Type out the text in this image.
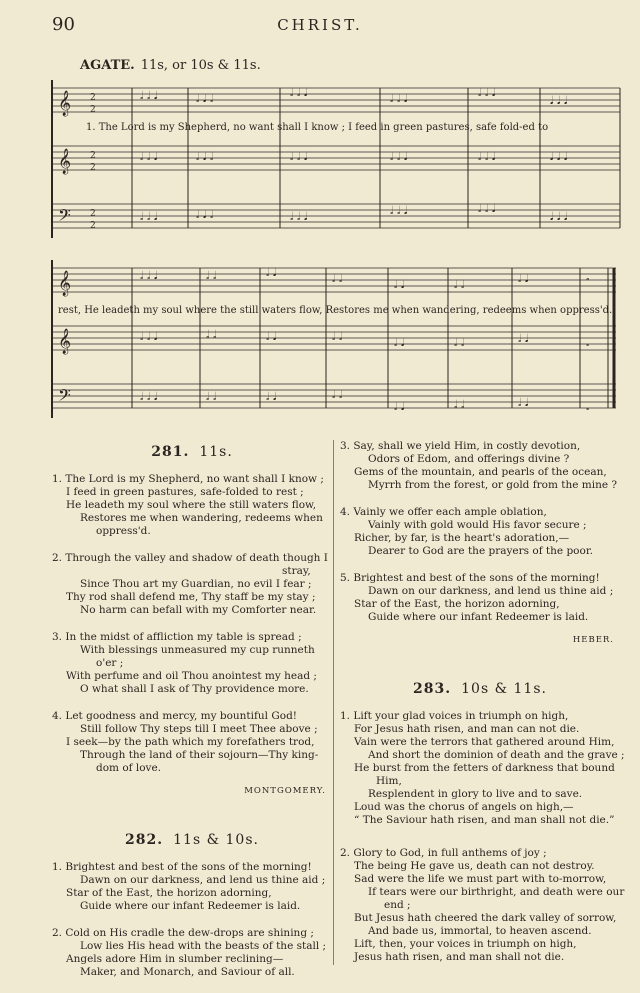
90	CHRIST.
AGATE. 11s, or 10s & 11s.
𝄞
𝄞
𝄢
2
2
2
2
2
2
𝅗𝅥 𝅗𝅥 𝅘𝅥	𝅗𝅥 𝅘𝅥 𝅗𝅥	𝅗𝅥 𝅗𝅥 𝅘𝅥	𝅗𝅥 𝅗𝅥 𝅘𝅥	𝅗𝅥 𝅗𝅥 𝅘𝅥
𝅘𝅥 𝅘𝅥 𝅘𝅥
𝅗𝅥 𝅗𝅥 𝅘𝅥	𝅗𝅥 𝅘𝅥 𝅗𝅥	𝅗𝅥 𝅗𝅥 𝅘𝅥	𝅗𝅥 𝅗𝅥 𝅘𝅥	𝅗𝅥 𝅗𝅥 𝅘𝅥	𝅘𝅥 𝅘𝅥 𝅘𝅥
𝅗𝅥 𝅗𝅥 𝅘𝅥	𝅗𝅥 𝅘𝅥 𝅗𝅥	𝅗𝅥 𝅗𝅥 𝅘𝅥	𝅗𝅥 𝅗𝅥 𝅘𝅥	𝅗𝅥 𝅗𝅥 𝅘𝅥
𝅘𝅥 𝅘𝅥 𝅘𝅥
1. The Lord is my Shepherd, no want shall I know ; I feed in green pastures, safe fold-ed to
𝄞
𝄞
𝄢
𝅗𝅥 𝅗𝅥 𝅘𝅥	𝅗𝅥 𝅗𝅥	𝅗𝅥 𝅘𝅥	𝅗𝅥 𝅗𝅥	𝅗𝅥 𝅘𝅥	𝅗𝅥 𝅗𝅥	𝅗𝅥 𝅘𝅥	𝅗
𝅗𝅥 𝅗𝅥 𝅘𝅥	𝅗𝅥 𝅗𝅥	𝅗𝅥 𝅘𝅥	𝅗𝅥 𝅗𝅥	𝅗𝅥 𝅘𝅥	𝅗𝅥 𝅗𝅥	𝅗𝅥 𝅘𝅥	𝅗
𝅗𝅥 𝅗𝅥 𝅘𝅥	𝅗𝅥 𝅗𝅥	𝅗𝅥 𝅘𝅥	𝅗𝅥 𝅗𝅥
𝅗𝅥 𝅘𝅥	𝅗𝅥 𝅗𝅥	𝅗𝅥 𝅘𝅥	𝅗
rest, He leadeth my soul where the still waters flow, Restores me when wandering, redeems when oppress'd.
281. 11s.
1. The Lord is my Shepherd, no want shall I know ;
I feed in green pastures, safe-folded to rest ;
He leadeth my soul where the still waters flow,
Restores me when wandering, redeems when
oppress'd.
2. Through the valley and shadow of death though I
stray,
Since Thou art my Guardian, no evil I fear ;
Thy rod shall defend me, Thy staff be my stay ;
No harm can befall with my Comforter near.
3. In the midst of affliction my table is spread ;
With blessings unmeasured my cup runneth
o'er ;
With perfume and oil Thou anointest my head ;
O what shall I ask of Thy providence more.
4. Let goodness and mercy, my bountiful God!
Still follow Thy steps till I meet Thee above ;
I seek—by the path which my forefathers trod,
Through the land of their sojourn—Thy king-
dom of love.
MONTGOMERY.
282. 11s & 10s.
1. Brightest and best of the sons of the morning!
Dawn on our darkness, and lend us thine aid ;
Star of the East, the horizon adorning,
Guide where our infant Redeemer is laid.
2. Cold on His cradle the dew-drops are shining ;
Low lies His head with the beasts of the stall ;
Angels adore Him in slumber reclining—
Maker, and Monarch, and Saviour of all.
3. Say, shall we yield Him, in costly devotion,
Odors of Edom, and offerings divine ?
Gems of the mountain, and pearls of the ocean,
Myrrh from the forest, or gold from the mine ?
4. Vainly we offer each ample oblation,
Vainly with gold would His favor secure ;
Richer, by far, is the heart's adoration,—
Dearer to God are the prayers of the poor.
5. Brightest and best of the sons of the morning!
Dawn on our darkness, and lend us thine aid ;
Star of the East, the horizon adorning,
Guide where our infant Redeemer is laid.
HEBER.
283. 10s & 11s.
1. Lift your glad voices in triumph on high,
For Jesus hath risen, and man can not die.
Vain were the terrors that gathered around Him,
And short the dominion of death and the grave ;
He burst from the fetters of darkness that bound
Him,
Resplendent in glory to live and to save.
Loud was the chorus of angels on high,—
“ The Saviour hath risen, and man shall not die.”
2. Glory to God, in full anthems of joy ;
The being He gave us, death can not destroy.
Sad were the life we must part with to-morrow,
If tears were our birthright, and death were our
end ;
But Jesus hath cheered the dark valley of sorrow,
And bade us, immortal, to heaven ascend.
Lift, then, your voices in triumph on high,
Jesus hath risen, and man shall not die.
